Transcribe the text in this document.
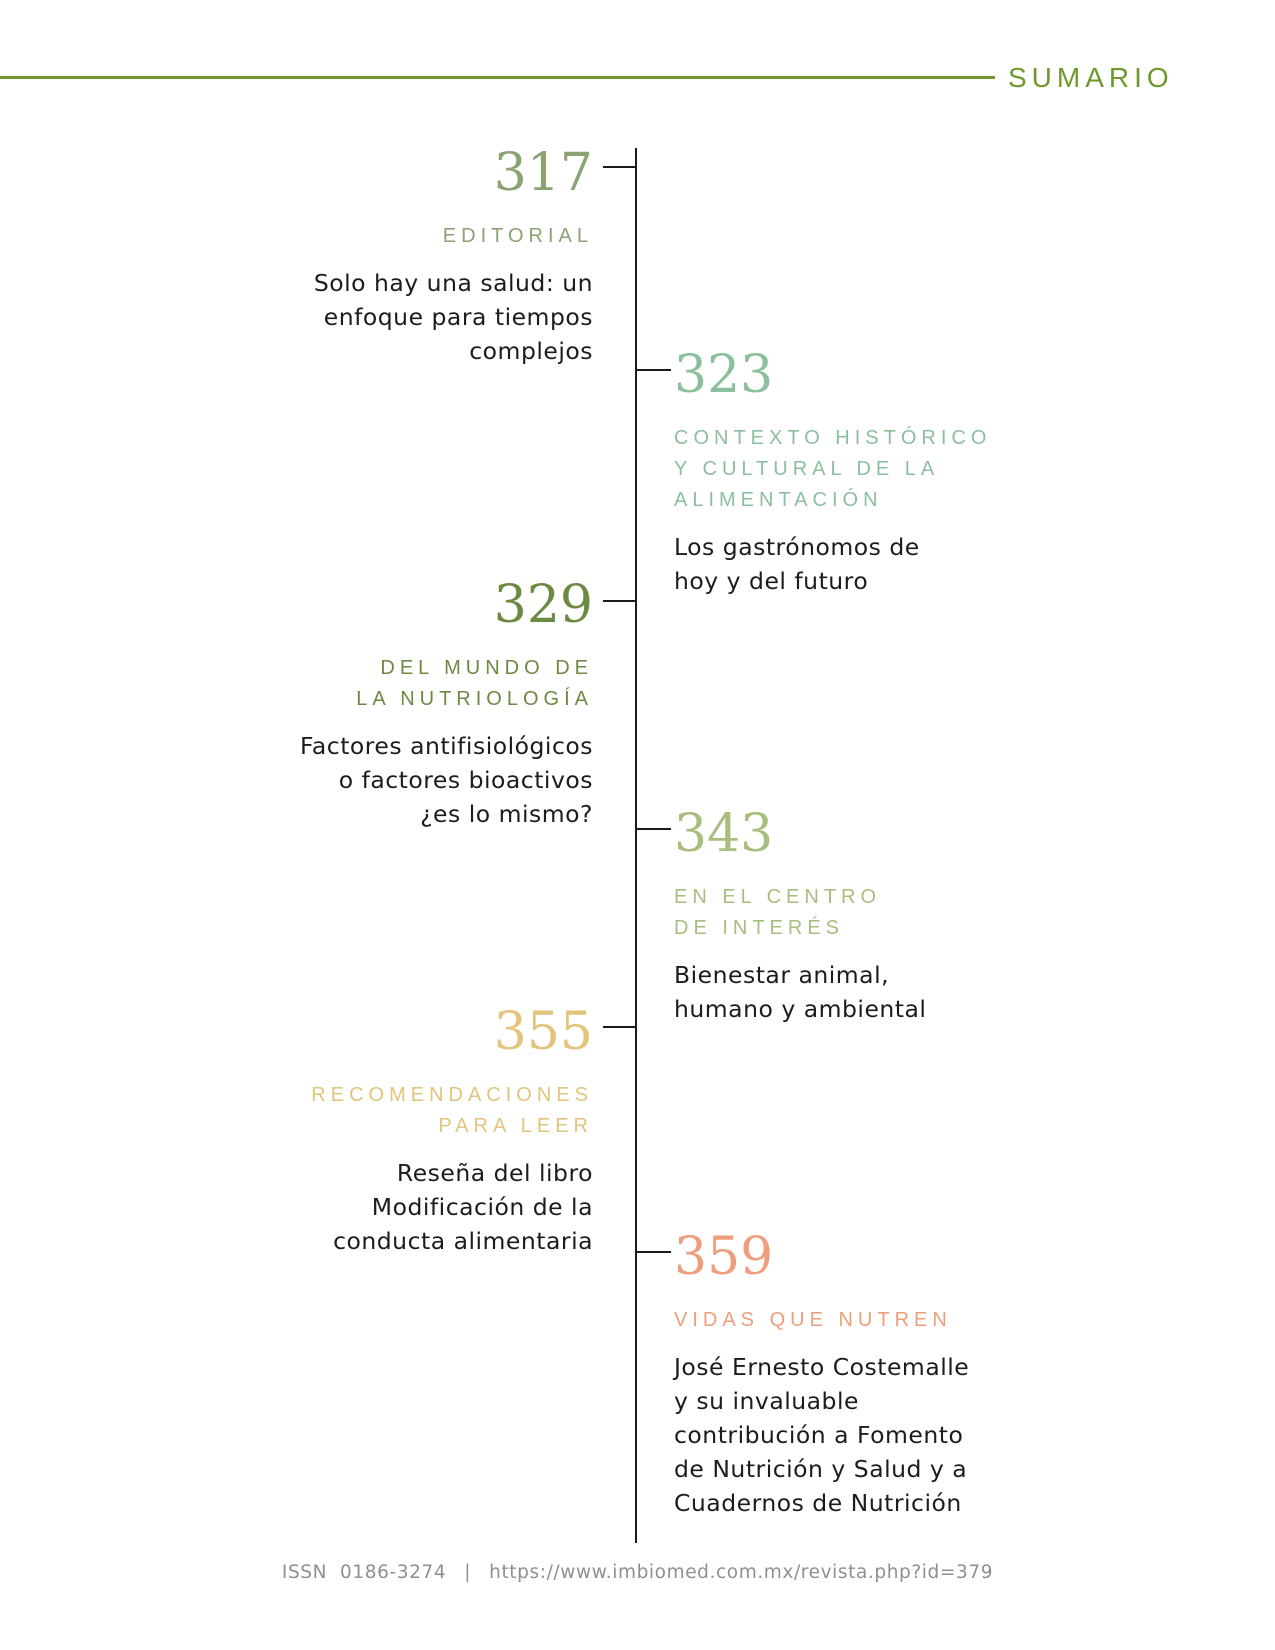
SUMARIO
317
EDITORIAL
Solo hay una salud: un
enfoque para tiempos
complejos 323
CONTEXTO HISTÓRICO
Y CULTURAL DE LA
ALIMENTACIÓN
Los gastrónomos de
hoy y del futuro
329
DEL MUNDO DE
LA NUTRIOLOGÍA
Factores antifisiológicos
o factores bioactivos
¿es lo mismo? 343
EN EL CENTRO
DE INTERÉS
Bienestar animal,
humano y ambiental
355
RECOMENDACIONES
PARA LEER
Reseña del libro
Modificación de la
conducta alimentaria 359
VIDAS QUE NUTREN
José Ernesto Costemalle
y su invaluable
contribución a Fomento
de Nutrición y Salud y a
Cuadernos de Nutrición
ISSN  0186-3274 | https://www.imbiomed.com.mx/revista.php?id=379
